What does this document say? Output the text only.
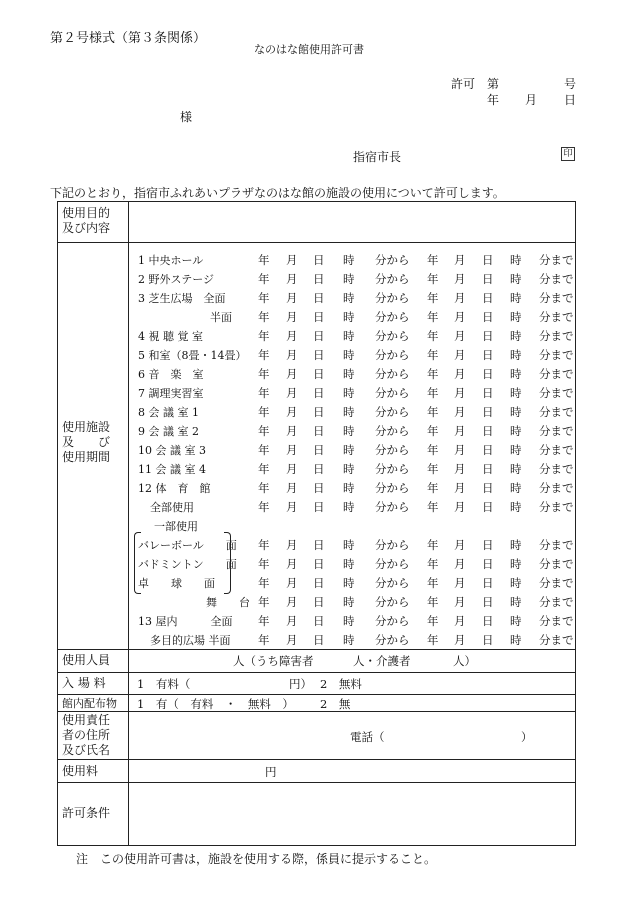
第２号様式（第３条関係）
なのはな館使用許可書
許可 第	号
年 月 日
様
指宿市長	印
下記のとおり，指宿市ふれあいプラザなのはな館の施設の使用について許可します。
使用目的
及び内容
使用施設
及　　び
使用期間
1 中央ホール	年 月 日 時 分から 年 月 日 時 分まで
2 野外ステージ	年 月 日 時 分から 年 月 日 時 分まで
3 芝生広場　全面	年 月 日 時 分から 年 月 日 時 分まで
半面 年 月 日 時 分から 年 月 日 時 分まで
4 視 聴 覚 室	年 月 日 時 分から 年 月 日 時 分まで
5 和室（8畳・14畳） 年 月 日 時 分から 年 月 日 時 分まで
6 音　楽　室	年 月 日 時 分から 年 月 日 時 分まで
7 調理実習室	年 月 日 時 分から 年 月 日 時 分まで
8 会 議 室 1	年 月 日 時 分から 年 月 日 時 分まで
9 会 議 室 2	年 月 日 時 分から 年 月 日 時 分まで
10 会 議 室 3	年 月 日 時 分から 年 月 日 時 分まで
11 会 議 室 4	年 月 日 時 分から 年 月 日 時 分まで
12 体　育　館	年 月 日 時 分から 年 月 日 時 分まで
全部使用	年 月 日 時 分から 年 月 日 時 分まで
一部使用
バレーボール　　面 年 月 日 時 分から 年 月 日 時 分まで
バドミントン　　面 年 月 日 時 分から 年 月 日 時 分まで
卓　　球　　面	年 月 日 時 分から 年 月 日 時 分まで
舞　　台 年 月 日 時 分から 年 月 日 時 分まで
13 屋内　　　全面 年 月 日 時 分から 年 月 日 時 分まで
多目的広場 半面 年 月 日 時 分から 年 月 日 時 分まで
使用人員	人（うち障害者	人・介護者	人）
入 場 料	1　有料（	円） 2　無料
館内配布物 1　有（　有料　・　無料　） 2　無
使用責任
者の住所
及び氏名
電話（	）
使用料	円
許可条件
注　この使用許可書は，施設を使用する際，係員に提示すること。
